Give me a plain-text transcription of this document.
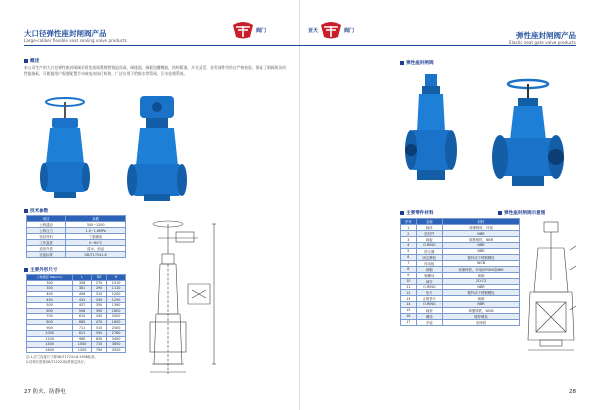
大口径弹性座封闸阀产品
Large-caliber flexible seat sealing valve products
阀门
概述
本公司生产的大口径弹性座封闸阀采用优质球墨铸铁铸造而成，阀座面，阀板包覆橡胶，结构紧凑，开关灵活，各零部件均经过严格检验，保证了闸阀的各项性能指标，可根据用户需要配置手动或电动执行机构，广泛应用于给排水等管网，污水处理系统。
技术参数
项目	参数
公称通径	300~1200
公称压力	1.0~1.6MPa
密封材料	丁腈橡胶
工作温度	0~80℃
适用介质	清水、油品
连接标准	GB/T17241.6
主要外形尺寸
公称通径 DN(mm)	L	D0	H
300	356	270	1010
350	381	290	1110
400	406	310	1200
450	432	330	1290
500	457	350	1390
600	508	390	1800
700	610	430	2000
800	660	470	1650
900	711	510	2500
1000	811	550	2760
1200	960	630	3400
1400	1000	710	3850
1600	1300	790	4520
注:1.法兰连接尺寸按GB/T17241.6-1998标准。
2.结构长度按GB/T12221标准规定执行。
27 防火、防静电
亚天	阀门
弹性座封闸阀产品
Elastic seat gate valve products
弹性座封闸阀
主要零件材料
序号	名称	材料
1	阀体	球墨铸铁、环氧
2	密封件	NBR
3	阀板	球墨铸铁、NBR
4	O-RING	NBR
5	防尘圈	NBR
6	固定螺栓	镀锌或不锈钢螺栓
7	传动板	WCB
8	阀帽	球墨铸铁、环氧/EPDM或NBR
9	铜螺母	黄铜
10	阀杆	2Cr13
11	O-RING	NBR
12	垫片	镀锌或不锈钢螺栓
13	止推垫片	黄铜
14	O-RING	NBR
15	轴套	球墨铸铁、WCB
16	螺栓	镀锌螺栓
17	手轮	灰铸铁
弹性座封闸阀示意图
28
